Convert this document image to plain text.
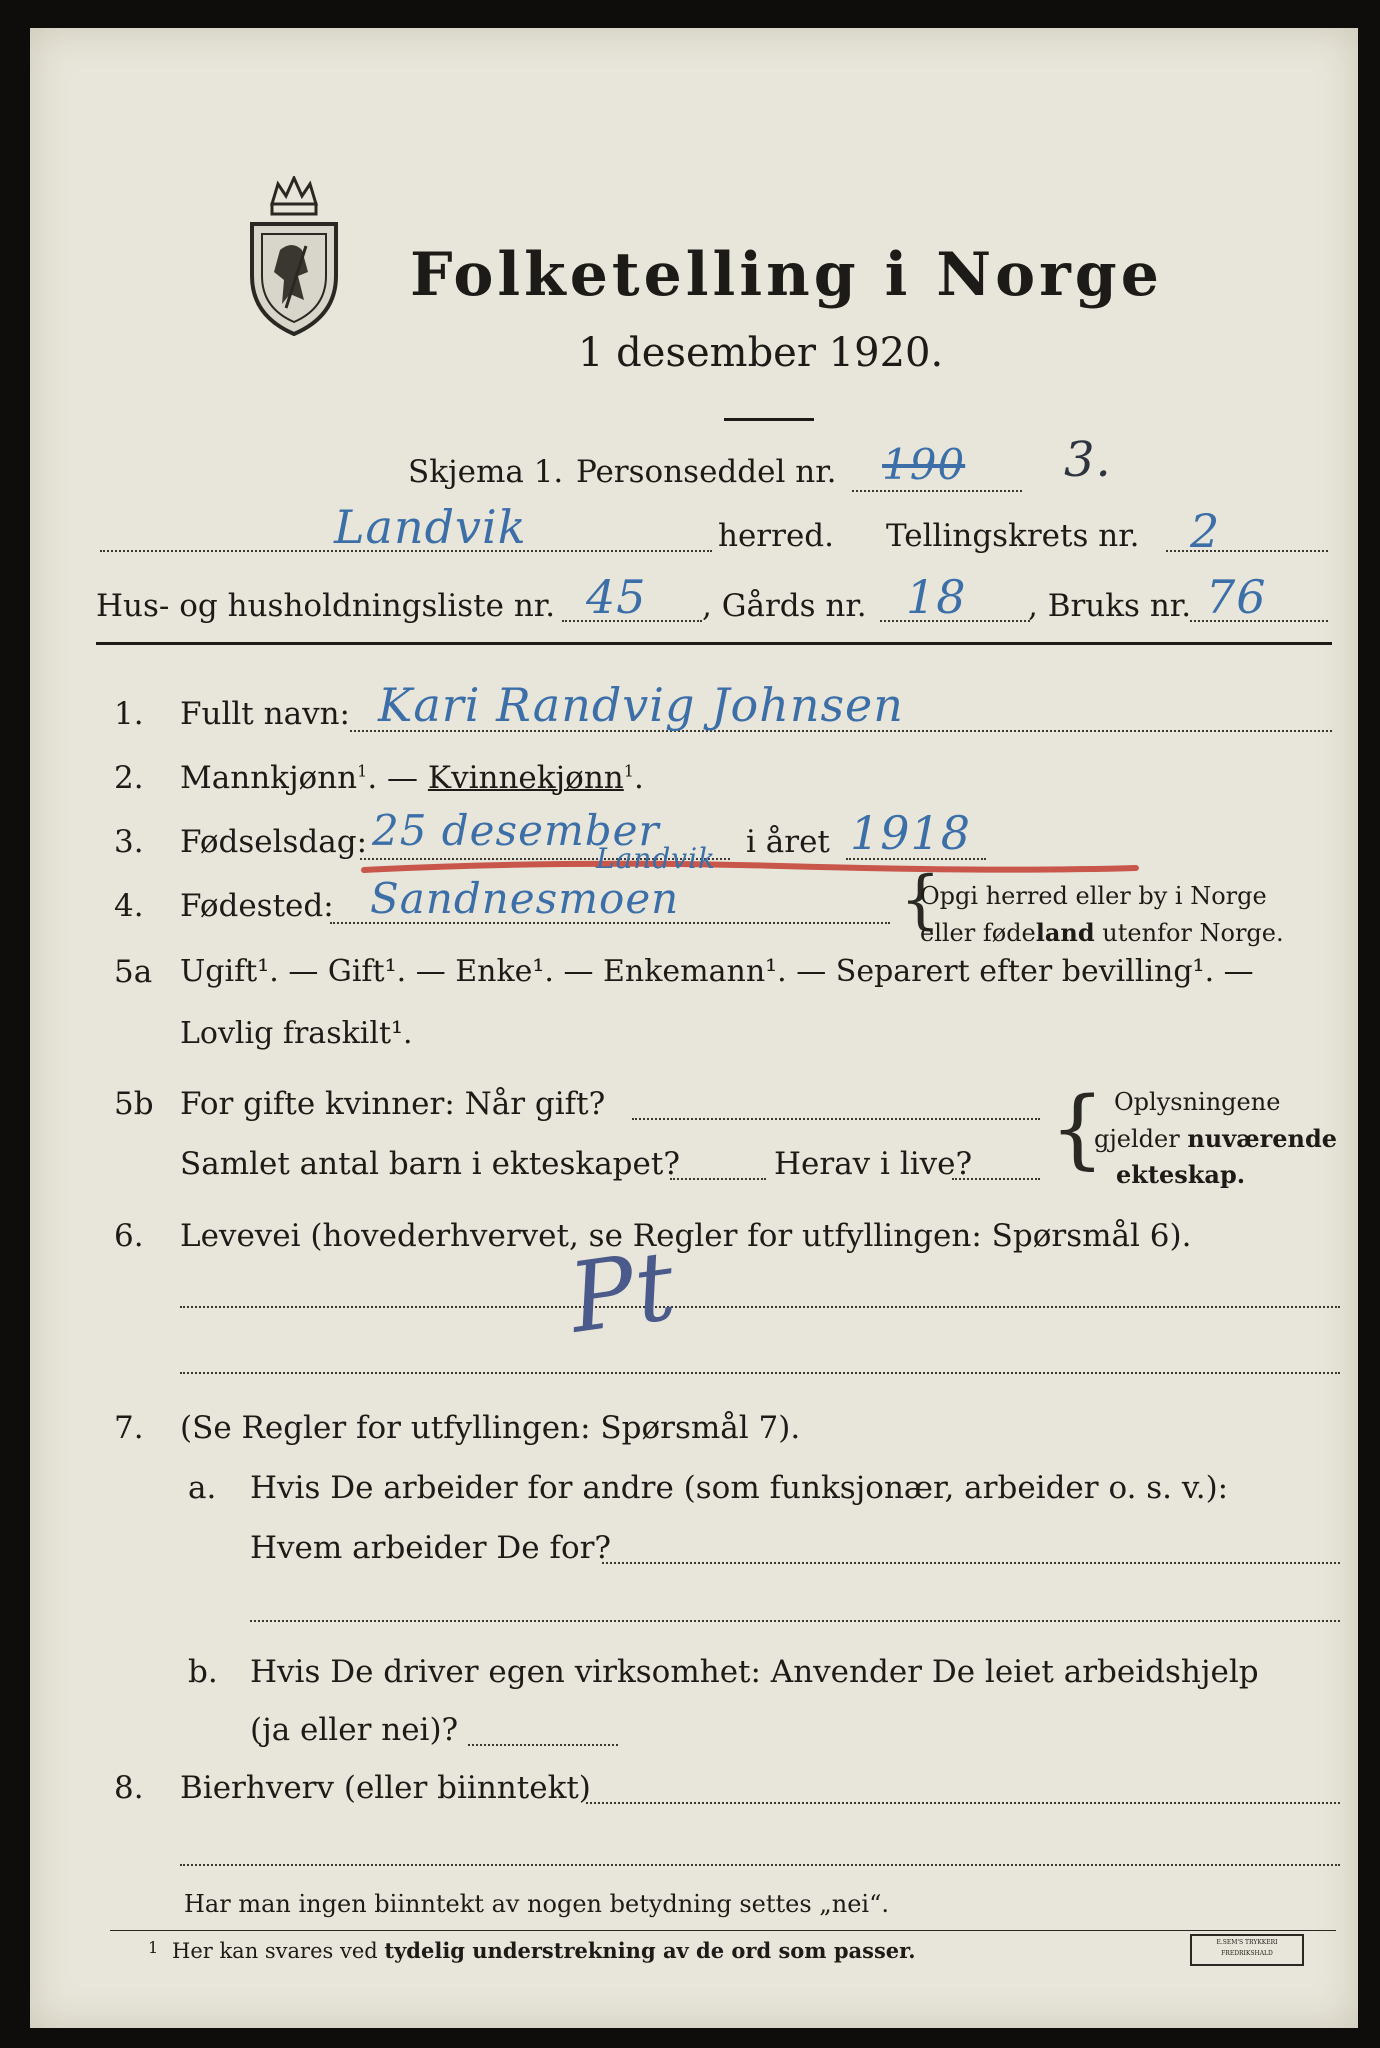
Folketelling i Norge
1 desember 1920.
Skjema 1. Personseddel nr. 190 3.
Landvik	herred. Tellingskrets nr. 2
Hus- og husholdningsliste nr. 45 , Gårds nr. 18 , Bruks nr. 76
1. Fullt navn: Kari Randvig Johnsen
2. Mannkjønn$^1$. — Kvinnekjønn$^1$.
3. Fødselsdag: 25 desember	i året 1918
4. Fødested: Sandnesmoen
Landvik
{
Opgi herred eller by i Norge
eller fødeland utenfor Norge.
5a Ugift¹. — Gift¹. — Enke¹. — Enkemann¹. — Separert efter bevilling¹. —
Lovlig fraskilt¹.
5b For gifte kvinner: Når gift?
Samlet antal barn i ekteskapet?	Herav i live? { Oplysningene
gjelder nuværende
ekteskap.
6. Levevei (hovederhvervet, se Regler for utfyllingen: Spørsmål 6).
Pt
7. (Se Regler for utfyllingen: Spørsmål 7).
a. Hvis De arbeider for andre (som funksjonær, arbeider o. s. v.):
Hvem arbeider De for?
b. Hvis De driver egen virksomhet: Anvender De leiet arbeidshjelp
(ja eller nei)?
8. Bierhverv (eller biinntekt)
Har man ingen biinntekt av nogen betydning settes „nei“.
1 Her kan svares ved tydelig understrekning av de ord som passer.	E.SEM'S TRYKKERI FREDRIKSHALD
